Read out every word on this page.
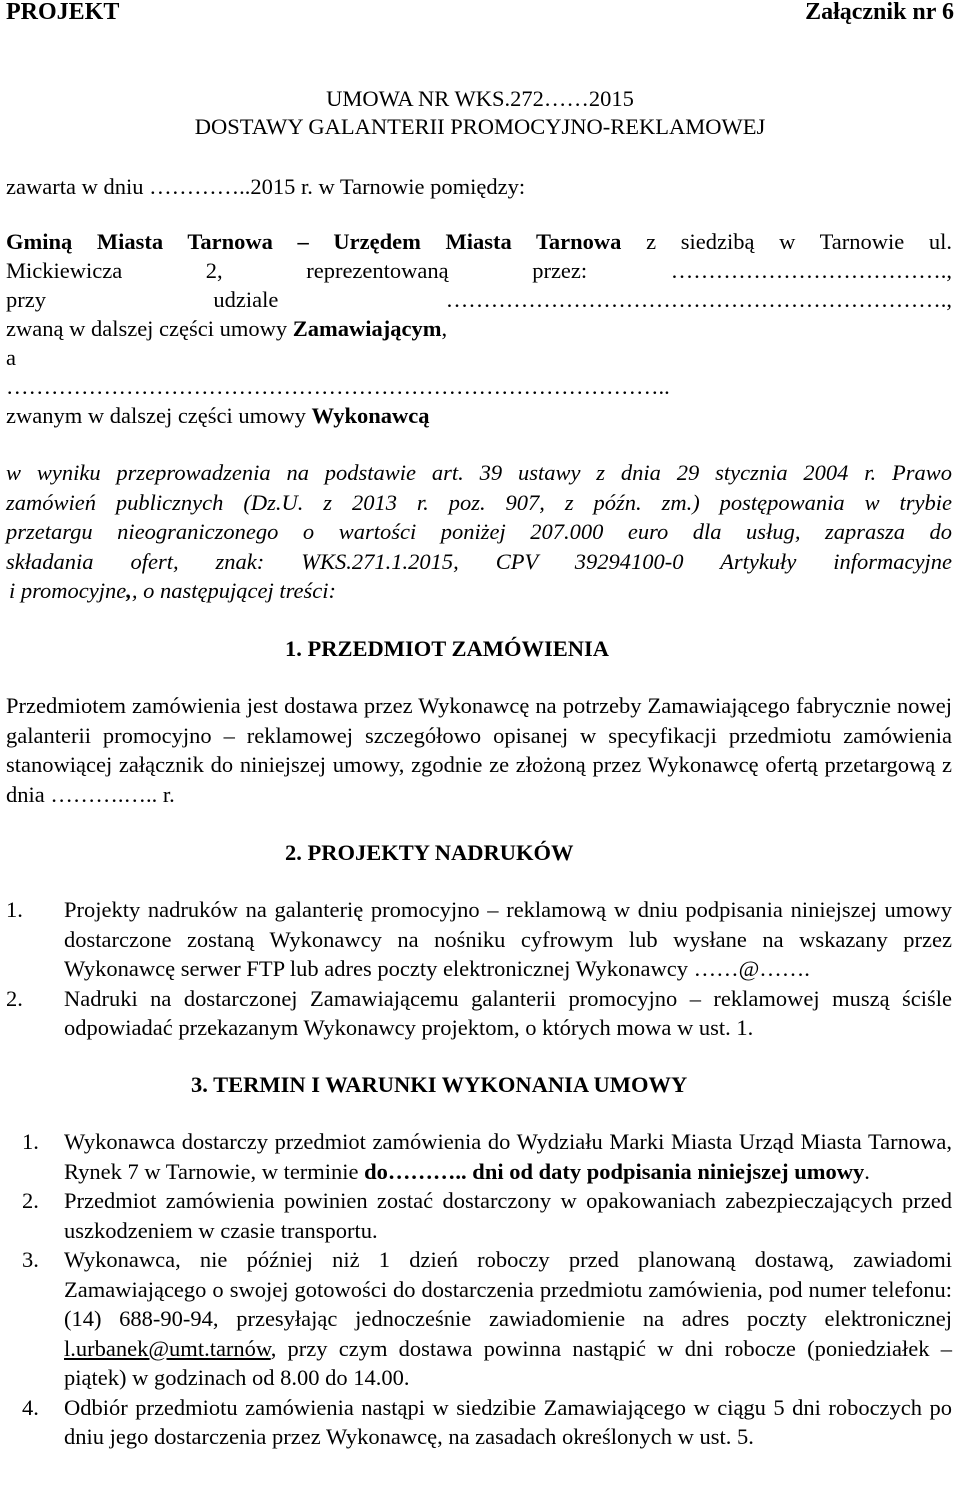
PROJEKT	Załącznik nr 6
UMOWA NR WKS.272……2015
DOSTAWY GALANTERII PROMOCYJNO-REKLAMOWEJ
zawarta w dniu …………..2015 r. w Tarnowie pomiędzy:
Gminą Miasta Tarnowa – Urzędem Miasta Tarnowa z siedzibą w Tarnowie ul.
Mickiewicza 2, reprezentowaną przez: ……………………………….,
przy udziale ………………………………………………………….,
zwaną w dalszej części umowy Zamawiającym,
a
……………………………………………………………………………..
zwanym w dalszej części umowy Wykonawcą
w wyniku przeprowadzenia na podstawie art. 39 ustawy z dnia 29 stycznia 2004 r. Prawo
zamówień publicznych (Dz.U. z 2013 r. poz. 907, z późn. zm.) postępowania w trybie
przetargu nieograniczonego o wartości poniżej 207.000 euro dla usług, zaprasza do
składania ofert, znak: WKS.271.1.2015, CPV 39294100-0 Artykuły informacyjne
i promocyjne,, o następującej treści:
1. PRZEDMIOT ZAMÓWIENIA
Przedmiotem zamówienia jest dostawa przez Wykonawcę na potrzeby Zamawiającego fabrycznie nowej galanterii promocyjno – reklamowej szczegółowo opisanej w specyfikacji przedmiotu zamówienia stanowiącej załącznik do niniejszej umowy, zgodnie ze złożoną przez Wykonawcę ofertą przetargową z dnia ……….….. r.
2. PROJEKTY NADRUKÓW
1. Projekty nadruków na galanterię promocyjno – reklamową w dniu podpisania niniejszej umowy dostarczone zostaną Wykonawcy na nośniku cyfrowym lub wysłane na wskazany przez Wykonawcę serwer FTP lub adres poczty elektronicznej Wykonawcy ……@…….
2. Nadruki na dostarczonej Zamawiającemu galanterii promocyjno – reklamowej muszą ściśle odpowiadać przekazanym Wykonawcy projektom, o których mowa w ust. 1.
3. TERMIN I WARUNKI WYKONANIA UMOWY
1. Wykonawca dostarczy przedmiot zamówienia do Wydziału Marki Miasta Urząd Miasta Tarnowa, Rynek 7 w Tarnowie, w terminie do……….. dni od daty podpisania niniejszej umowy.
2. Przedmiot zamówienia powinien zostać dostarczony w opakowaniach zabezpieczających przed uszkodzeniem w czasie transportu.
3. Wykonawca, nie później niż 1 dzień roboczy przed planowaną dostawą, zawiadomi Zamawiającego o swojej gotowości do dostarczenia przedmiotu zamówienia, pod numer telefonu: (14) 688-90-94, przesyłając jednocześnie zawiadomienie na adres poczty elektronicznej l.urbanek@umt.tarnów, przy czym dostawa powinna nastąpić w dni robocze (poniedziałek – piątek) w godzinach od 8.00 do 14.00.
4. Odbiór przedmiotu zamówienia nastąpi w siedzibie Zamawiającego w ciągu 5 dni roboczych po dniu jego dostarczenia przez Wykonawcę, na zasadach określonych w ust. 5.
